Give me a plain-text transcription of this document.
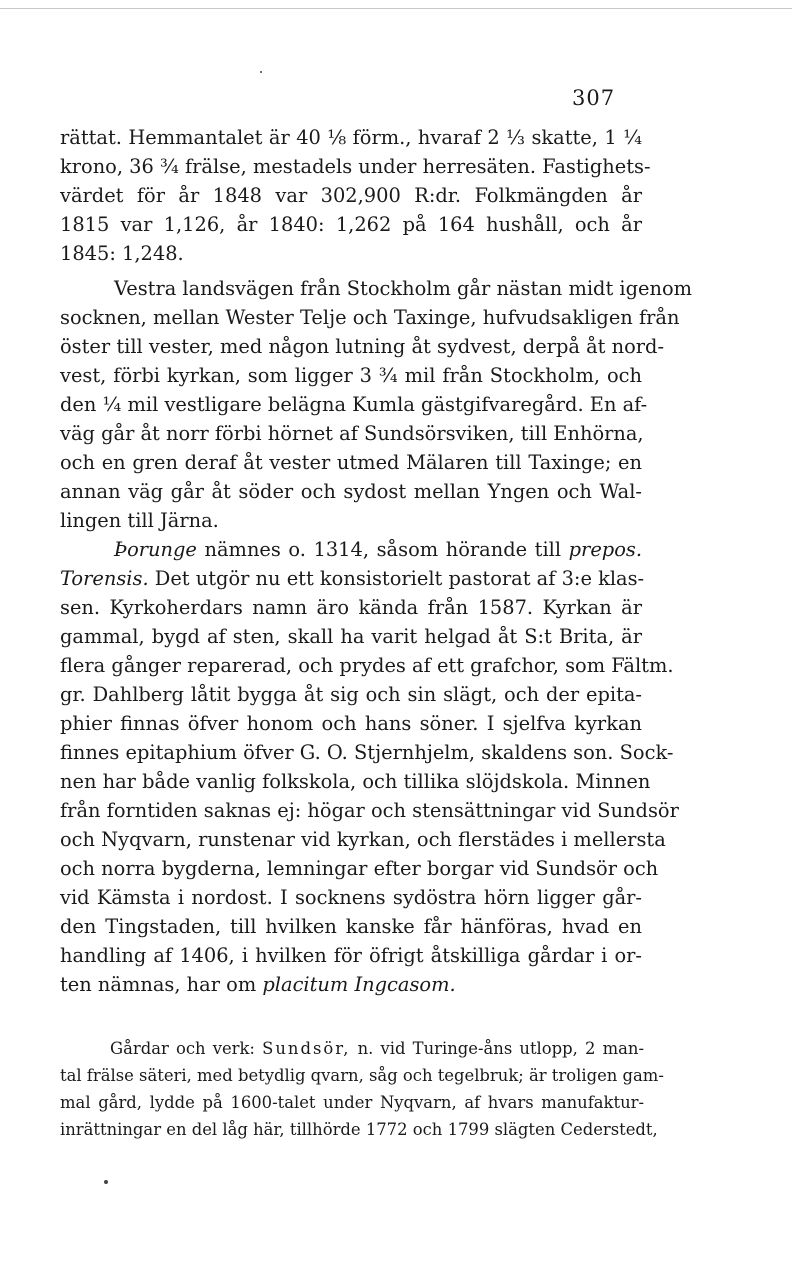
307
rättat. Hemmantalet är 40 ⅛ förm., hvaraf 2 ⅓ skatte, 1 ¼
krono, 36 ¾ frälse, mestadels under herresäten. Fastighets-
värdet för år 1848 var 302,900 R:dr. Folkmängden år
1815 var 1,126, år 1840: 1,262 på 164 hushåll, och år
1845: 1,248.
Vestra landsvägen från Stockholm går nästan midt igenom
socknen, mellan Wester Telje och Taxinge, hufvudsakligen från
öster till vester, med någon lutning åt sydvest, derpå åt nord-
vest, förbi kyrkan, som ligger 3 ¾ mil från Stockholm, och
den ¼ mil vestligare belägna Kumla gästgifvaregård. En af-
väg går åt norr förbi hörnet af Sundsörsviken, till Enhörna,
och en gren deraf åt vester utmed Mälaren till Taxinge; en
annan väg går åt söder och sydost mellan Yngen och Wal-
lingen till Järna.
Þorunge nämnes o. 1314, såsom hörande till prepos.
Torensis. Det utgör nu ett konsistorielt pastorat af 3:e klas-
sen. Kyrkoherdars namn äro kända från 1587. Kyrkan är
gammal, bygd af sten, skall ha varit helgad åt S:t Brita, är
flera gånger reparerad, och prydes af ett grafchor, som Fältm.
gr. Dahlberg låtit bygga åt sig och sin slägt, och der epita-
phier finnas öfver honom och hans söner. I sjelfva kyrkan
finnes epitaphium öfver G. O. Stjernhjelm, skaldens son. Sock-
nen har både vanlig folkskola, och tillika slöjdskola. Minnen
från forntiden saknas ej: högar och stensättningar vid Sundsör
och Nyqvarn, runstenar vid kyrkan, och flerstädes i mellersta
och norra bygderna, lemningar efter borgar vid Sundsör och
vid Kämsta i nordost. I socknens sydöstra hörn ligger går-
den Tingstaden, till hvilken kanske får hänföras, hvad en
handling af 1406, i hvilken för öfrigt åtskilliga gårdar i or-
ten nämnas, har om placitum Ingcasom.
Gårdar och verk: Sundsör, n. vid Turinge-åns utlopp, 2 man-
tal frälse säteri, med betydlig qvarn, såg och tegelbruk; är troligen gam-
mal gård, lydde på 1600-talet under Nyqvarn, af hvars manufaktur-
inrättningar en del låg här, tillhörde 1772 och 1799 slägten Cederstedt,
